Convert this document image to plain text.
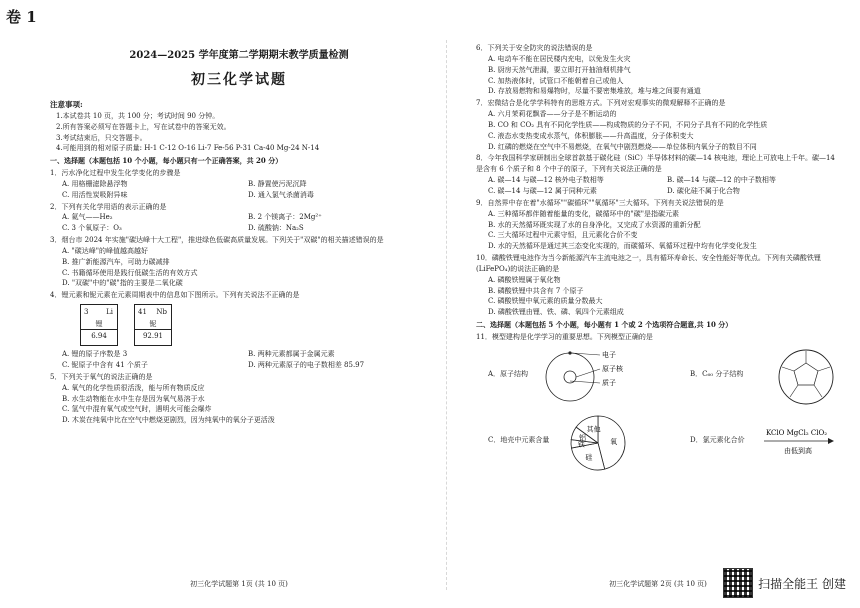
卷 1
2024—2025 学年度第二学期期末教学质量检测
初三化学试题
注意事项:
1.本试卷共 10 页，共 100 分；考试时间 90 分钟。
2.所有答案必须写在答题卡上，写在试卷中的答案无效。
3.考试结束后，只交答题卡。
4.可能用到的相对原子质量: H-1 C-12 O-16 Li-7 Fe-56 P-31 Ca-40 Mg-24 N-14
一、选择题（本题包括 10 个小题，每小题只有一个正确答案，共 20 分）
1．污水净化过程中发生化学变化的步骤是
A. 用格栅滤除悬浮物	B. 静置使污泥沉降
C. 用活性炭吸附异味	D. 通入氯气杀菌消毒
2．下列有关化学用语的表示正确的是
A. 氦气——He₂	B. 2 个镁离子：2Mg²⁺
C. 3 个氧原子：O₃	D. 硫酸钠：Na₂S
3．烟台市 2024 年实施"碳达峰十大工程"，推进绿色低碳高质量发展。下列关于"双碳"的相关描述错误的是
A. "碳达峰"的峰值越高越好
B. 推广新能源汽车，可助力碳减排
C. 书籍循环使用是践行低碳生活的有效方式
D. "双碳"中的"碳"指的主要是二氧化碳
4．锂元素和铌元素在元素周期表中的信息如下图所示。下列有关说法不正确的是
3	Li
锂
6.94
41 Nb
铌
92.91
A. 锂的原子序数是 3	B. 两种元素都属于金属元素
C. 铌原子中含有 41 个质子	D. 两种元素原子的电子数相差 85.97
5．下列关于氧气的说法正确的是
A. 氧气的化学性质很活泼，能与所有物质反应
B. 水生动物能在水中生存是因为氧气易溶于水
C. 氢气中混有氧气或空气时，遇明火可能会爆炸
D. 木炭在纯氧中比在空气中燃烧更剧烈，因为纯氧中的氧分子更活泼
初三化学试题第 1页 (共 10 页)
6．下列关于安全防灾的说法错误的是
A. 电动车不能在居民楼内充电，以免发生火灾
B. 厨房天然气泄漏，要立即打开抽油烟机排气
C. 加热液体时，试管口不能朝着自己或他人
D. 存放易燃物和易爆物时，尽量不要密集堆放，堆与堆之间要有通道
7．宏微结合是化学学科特有的思维方式。下列对宏观事实的微观解释不正确的是
A. 六月茉莉花飘香——分子是不断运动的
B. CO 和 CO₂ 具有不同化学性质——构成物质的分子不同，不同分子具有不同的化学性质
C. 液态水变热变成水蒸气，体积膨胀——升高温度，分子体积变大
D. 红磷的燃烧在空气中不易燃烧，在氧气中剧烈燃烧——单位体积内氧分子的数目不同
8．今年我国科学家研制出全球首款基于碳化硅（SiC）半导体材料的碳—14 核电池，理论上可放电上千年。碳—14 是含有 6 个质子和 8 个中子的原子，下列有关说法正确的是
A. 碳—14 与碳—12 核外电子数相等	B. 碳—14 与碳—12 的中子数相等
C. 碳—14 与碳—12 属于同种元素	D. 碳化硅不属于化合物
9．自然界中存在着"水循环""碳循环""氧循环"三大循环。下列有关说法错误的是
A. 三种循环都伴随着能量的变化，碳循环中的"碳"是指碳元素
B. 水的天然循环既实现了水的自身净化，又完成了水资源的重新分配
C. 三大循环过程中元素守恒，且元素化合价不变
D. 水的天然循环是通过其三态变化实现的，而碳循环、氧循环过程中均有化学变化发生
10．磷酸铁锂电池作为当今新能源汽车主流电池之一，具有循环寿命长、安全性能好等优点。下列有关磷酸铁锂(LiFePO₄)的说法正确的是
A. 磷酸铁锂属于氧化物
B. 磷酸铁锂中共含有 7 个原子
C. 磷酸铁锂中氧元素的质量分数最大
D. 磷酸铁锂由锂、铁、磷、氧四个元素组成
二、选择题（本题包括 5 个小题，每小题有 1 个或 2 个选项符合题意,共 10 分）
11．模型建构是化学学习的重要思想。下列模型正确的是
A．原子结构
电子
原子核
质子
B．C₆₀ 分子结构
C．地壳中元素含量	氧
硅
铁
铝
其他
D．氯元素化合价
KClO MgCl₂ ClO₂
由低到高
初三化学试题第 2页 (共 10 页)	扫描全能王 创建
